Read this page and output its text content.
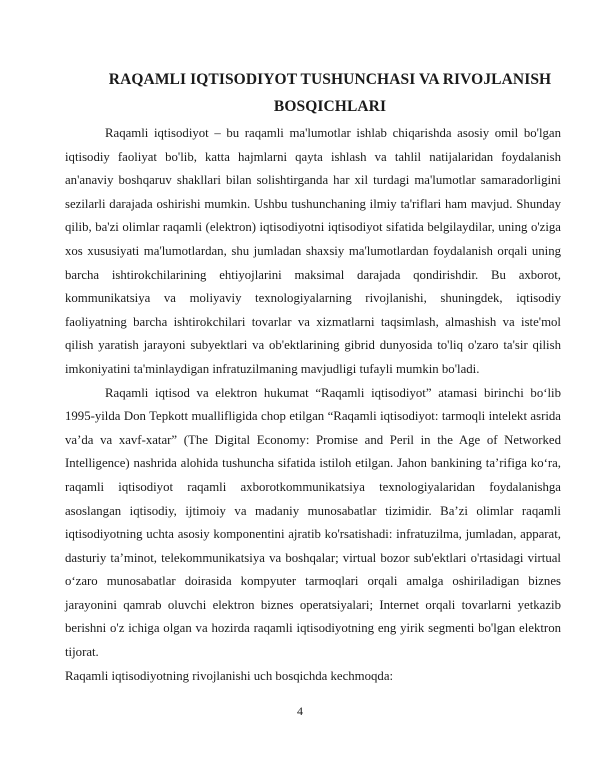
RAQAMLI IQTISODIYOT TUSHUNCHASI VA RIVOJLANISH BOSQICHLARI

Raqamli iqtisodiyot – bu raqamli ma'lumotlar ishlab chiqarishda asosiy omil bo'lgan iqtisodiy faoliyat bo'lib, katta hajmlarni qayta ishlash va tahlil natijalaridan foydalanish an'anaviy boshqaruv shakllari bilan solishtirganda har xil turdagi ma'lumotlar samaradorligini sezilarli darajada oshirishi mumkin. Ushbu tushunchaning ilmiy ta'riflari ham mavjud. Shunday qilib, ba'zi olimlar raqamli (elektron) iqtisodiyotni iqtisodiyot sifatida belgilaydilar, uning o'ziga xos xususiyati ma'lumotlardan, shu jumladan shaxsiy ma'lumotlardan foydalanish orqali uning barcha ishtirokchilarining ehtiyojlarini maksimal darajada qondirishdir. Bu axborot, kommunikatsiya va moliyaviy texnologiyalarning rivojlanishi, shuningdek, iqtisodiy faoliyatning barcha ishtirokchilari tovarlar va xizmatlarni taqsimlash, almashish va iste'mol qilish yaratish jarayoni subyektlari va ob'ektlarining gibrid dunyosida to'liq o'zaro ta'sir qilish imkoniyatini ta'minlaydigan infratuzilmaning mavjudligi tufayli mumkin bo'ladi.

Raqamli iqtisod va elektron hukumat “Raqamli iqtisodiyot” atamasi birinchi bo‘lib 1995-yilda Don Tepkott muallifligida chop etilgan “Raqamli iqtisodiyot: tarmoqli intelekt asrida va’da va xavf-xatar” (The Digital Economy: Promise and Peril in the Age of Networked Intelligence) nashrida alohida tushuncha sifatida istiloh etilgan. Jahon bankining ta’rifiga ko‘ra, raqamli iqtisodiyot raqamli axborotkommunikatsiya texnologiyalaridan foydalanishga asoslangan iqtisodiy, ijtimoiy va madaniy munosabatlar tizimidir. Ba’zi olimlar raqamli iqtisodiyotning uchta asosiy komponentini ajratib ko'rsatishadi: infratuzilma, jumladan, apparat, dasturiy ta’minot, telekommunikatsiya va boshqalar; virtual bozor sub'ektlari o'rtasidagi virtual o‘zaro munosabatlar doirasida kompyuter tarmoqlari orqali amalga oshiriladigan biznes jarayonini qamrab oluvchi elektron biznes operatsiyalari; Internet orqali tovarlarni yetkazib berishni o'z ichiga olgan va hozirda raqamli iqtisodiyotning eng yirik segmenti bo'lgan elektron tijorat.

Raqamli iqtisodiyotning rivojlanishi uch bosqichda kechmoqda:

4
